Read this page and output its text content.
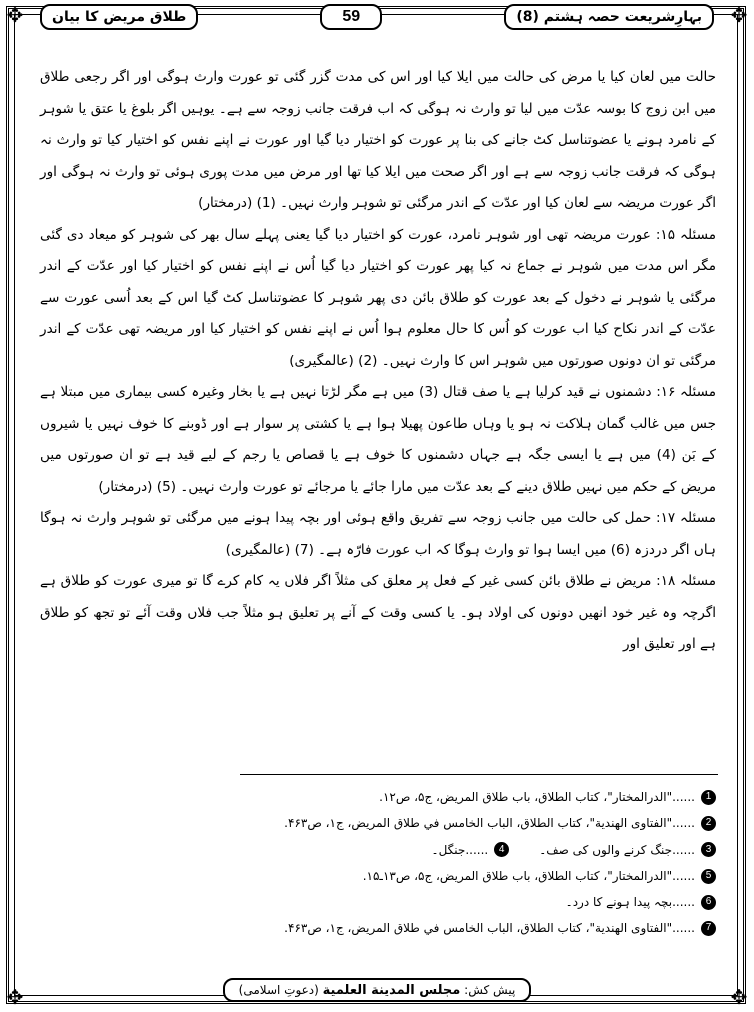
✥	✥
✥	✥
طلاق مریض کا بیان	59	بہارِشریعت حصہ ہشتم (8)

حالت میں لعان کیا یا مرض کی حالت میں ایلا کیا اور اس کی مدت گزر گئی تو عورت وارث ہوگی اور اگر رجعی طلاق میں ابن زوج کا بوسہ عدّت میں لیا تو وارث نہ ہوگی کہ اب فرقت جانب زوجہ سے ہے۔ یوہیں اگر بلوغ یا عتق یا شوہر کے نامرد ہونے یا عضوتناسل کٹ جانے کی بنا پر عورت کو اختیار دیا گیا اور عورت نے اپنے نفس کو اختیار کیا تو وارث نہ ہوگی کہ فرقت جانب زوجہ سے ہے اور اگر صحت میں ایلا کیا تھا اور مرض میں مدت پوری ہوئی تو وارث نہ ہوگی اور اگر عورت مریضہ سے لعان کیا اور عدّت کے اندر مرگئی تو شوہر وارث نہیں۔ (1) (درمختار)

مسئلہ ۱۵: عورت مریضہ تھی اور شوہر نامرد، عورت کو اختیار دیا گیا یعنی پہلے سال بھر کی شوہر کو میعاد دی گئی مگر اس مدت میں شوہر نے جماع نہ کیا پھر عورت کو اختیار دیا گیا اُس نے اپنے نفس کو اختیار کیا اور عدّت کے اندر مرگئی یا شوہر نے دخول کے بعد عورت کو طلاق بائن دی پھر شوہر کا عضوتناسل کٹ گیا اس کے بعد اُسی عورت سے عدّت کے اندر نکاح کیا اب عورت کو اُس کا حال معلوم ہوا اُس نے اپنے نفس کو اختیار کیا اور مریضہ تھی عدّت کے اندر مرگئی تو ان دونوں صورتوں میں شوہر اس کا وارث نہیں۔ (2) (عالمگیری)

مسئلہ ۱۶: دشمنوں نے قید کرلیا ہے یا صف قتال (3) میں ہے مگر لڑتا نہیں ہے یا بخار وغیرہ کسی بیماری میں مبتلا ہے جس میں غالب گمان ہلاکت نہ ہو یا وہاں طاعون پھیلا ہوا ہے یا کشتی پر سوار ہے اور ڈوبنے کا خوف نہیں یا شیروں کے بَن (4) میں ہے یا ایسی جگہ ہے جہاں دشمنوں کا خوف ہے یا قصاص یا رجم کے لیے قید ہے تو ان صورتوں میں مریض کے حکم میں نہیں طلاق دینے کے بعد عدّت میں مارا جائے یا مرجائے تو عورت وارث نہیں۔ (5) (درمختار)

مسئلہ ۱۷: حمل کی حالت میں جانب زوجہ سے تفریق واقع ہوئی اور بچہ پیدا ہونے میں مرگئی تو شوہر وارث نہ ہوگا ہاں اگر دردزہ (6) میں ایسا ہوا تو وارث ہوگا کہ اب عورت فارّہ ہے۔ (7) (عالمگیری)

مسئلہ ۱۸: مریض نے طلاق بائن کسی غیر کے فعل پر معلق کی مثلاً اگر فلاں یہ کام کرے گا تو میری عورت کو طلاق ہے اگرچہ وہ غیر خود انھیں دونوں کی اولاد ہو۔ یا کسی وقت کے آنے پر تعلیق ہو مثلاً جب فلاں وقت آئے تو تجھ کو طلاق ہے اور تعلیق اور

1
......"الدرالمختار"، كتاب الطلاق، باب طلاق المريض، ج۵، ص۱۲.
2
......"الفتاوى الهندية"، كتاب الطلاق، الباب الخامس في طلاق المريض، ج۱، ص۴۶۳.
3
......جنگ کرنے والوں کی صف۔
4
......جنگل۔
5
......"الدرالمختار"، كتاب الطلاق، باب طلاق المريض، ج۵، ص۱۳ـ۱۵.
6
......بچہ پیدا ہونے کا درد۔
7
......"الفتاوى الهندية"، كتاب الطلاق، الباب الخامس في طلاق المريض، ج۱، ص۴۶۳.
پیش کش: مجلس المدينة العلمية (دعوتِ اسلامی)
